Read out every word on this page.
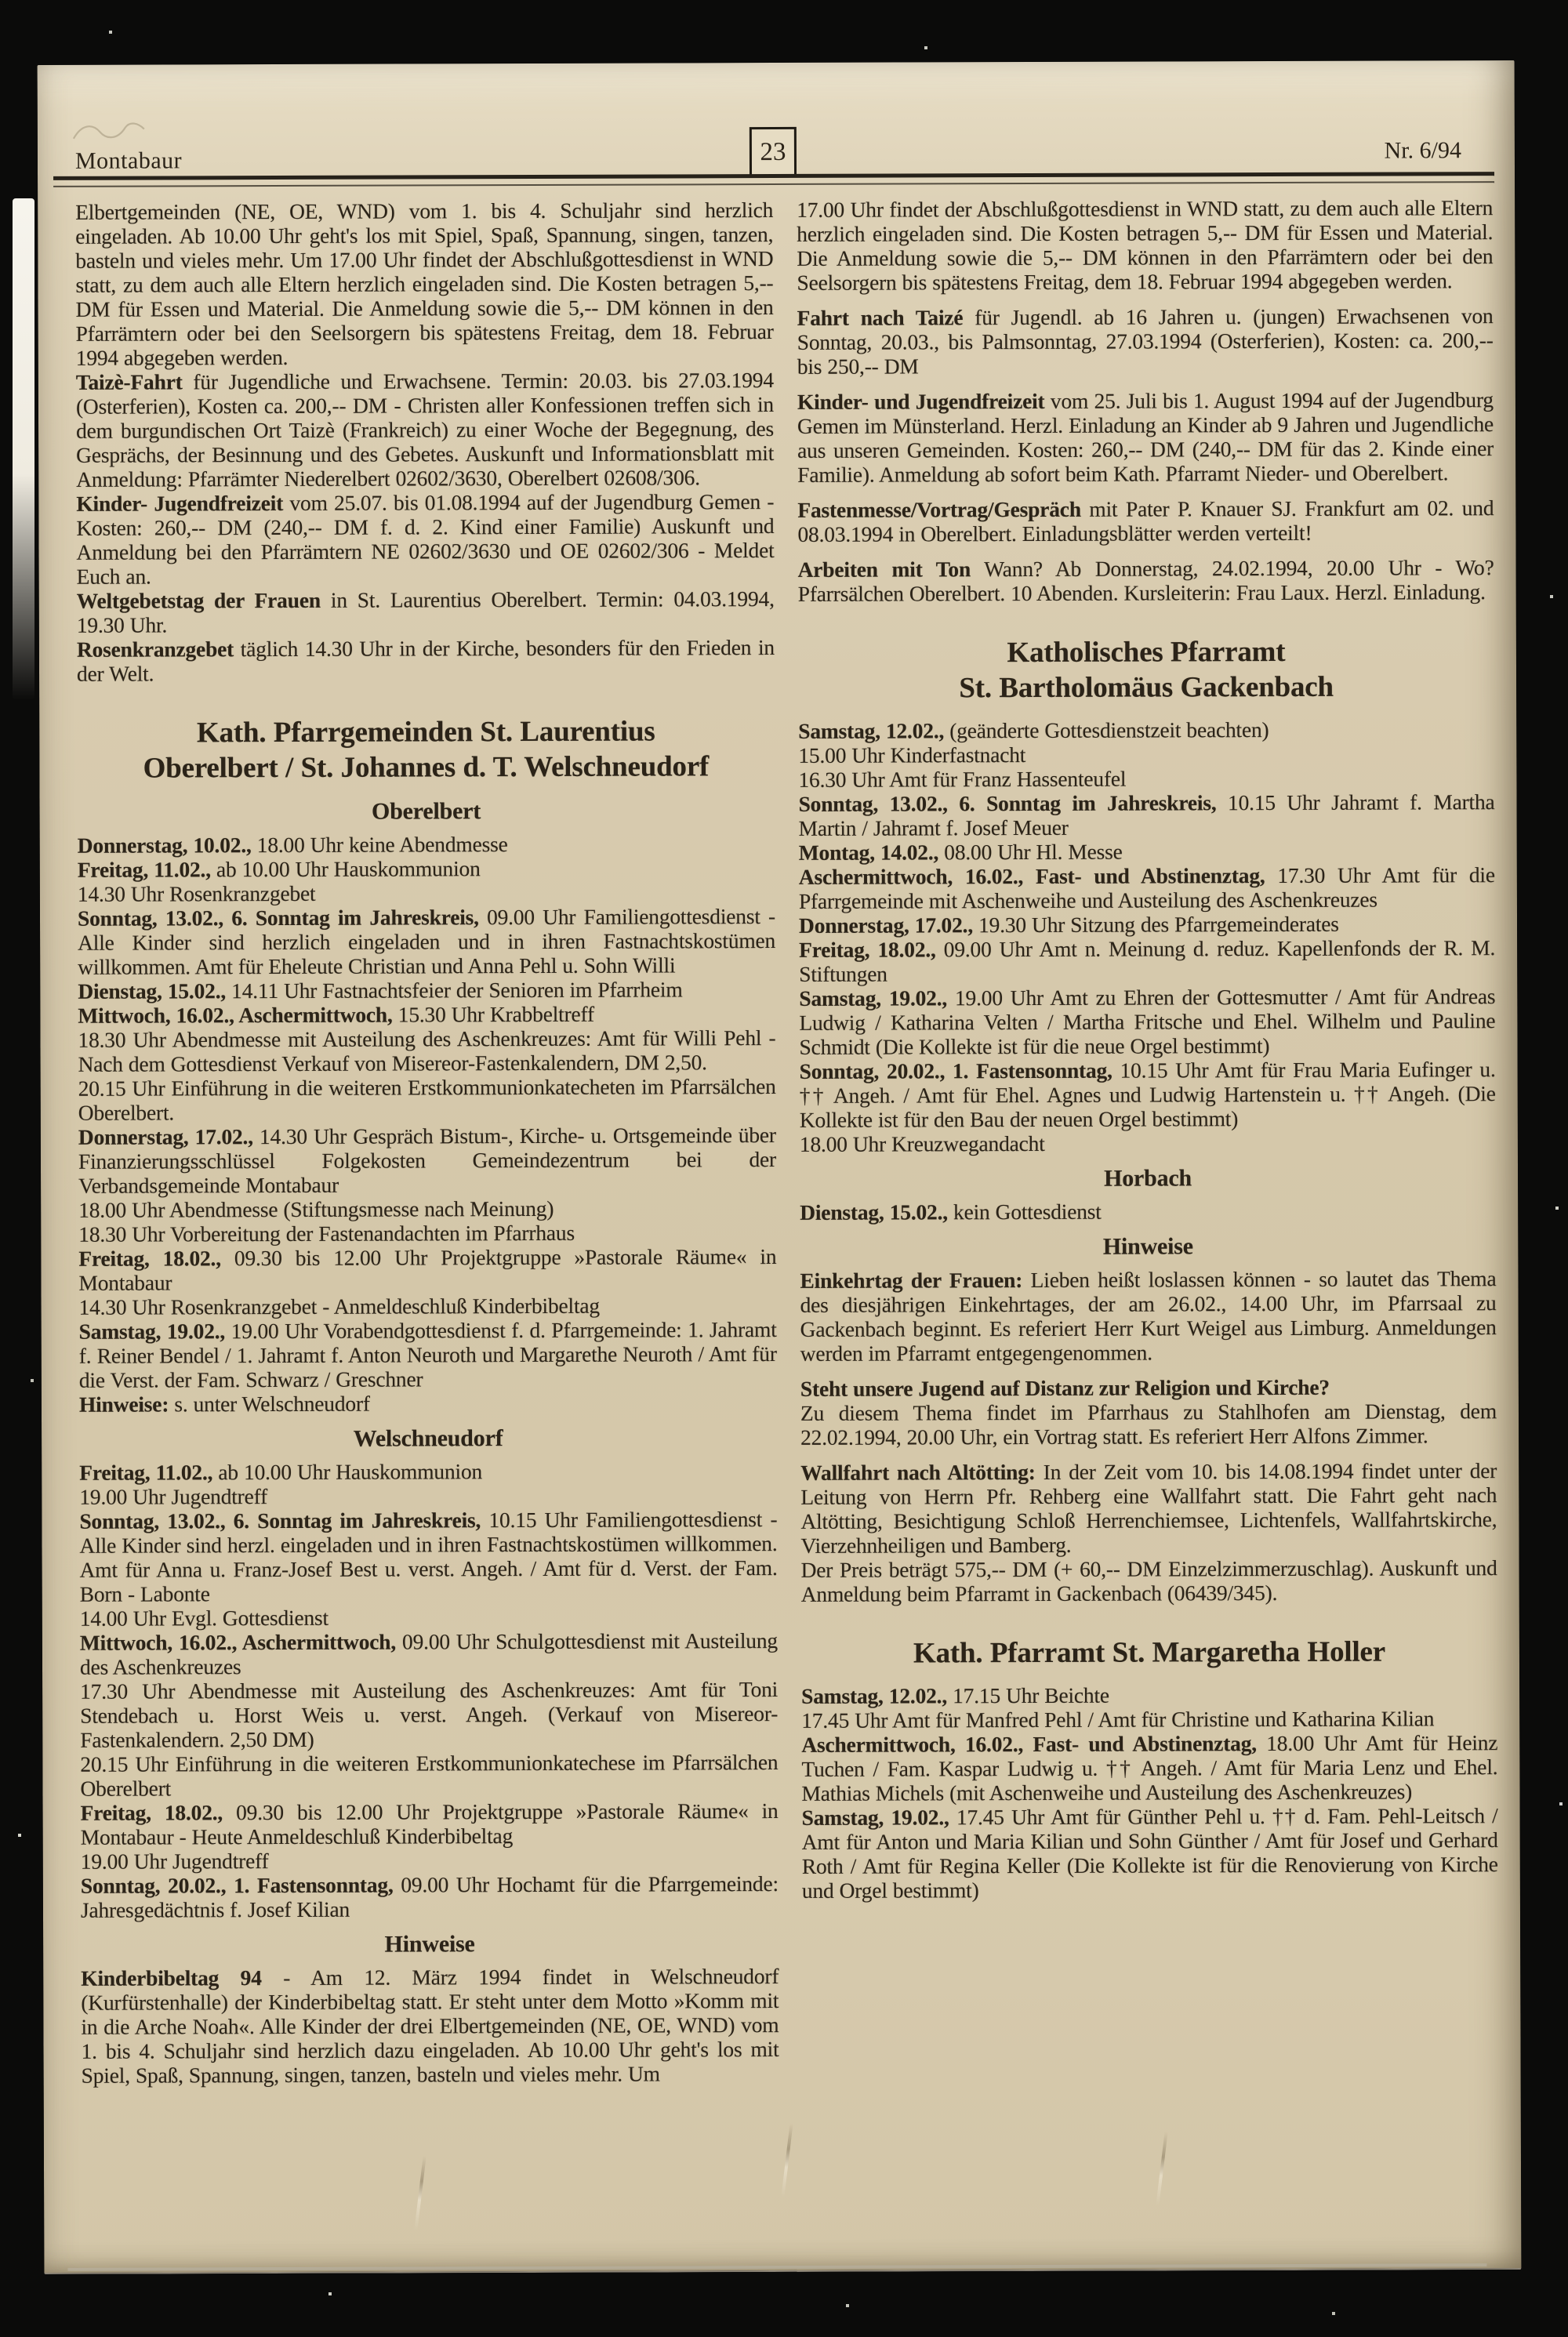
Montabaur	23	Nr. 6/94

Elbertgemeinden (NE, OE, WND) vom 1. bis 4. Schuljahr sind herzlich eingeladen. Ab 10.00 Uhr geht's los mit Spiel, Spaß, Spannung, singen, tanzen, basteln und vieles mehr. Um 17.00 Uhr findet der Abschlußgottesdienst in WND statt, zu dem auch alle Eltern herzlich eingeladen sind. Die Kosten betragen 5,-- DM für Essen und Material. Die Anmeldung sowie die 5,-- DM können in den Pfarrämtern oder bei den Seelsorgern bis spätestens Freitag, dem 18. Februar 1994 abgegeben werden.

Taizè-Fahrt für Jugendliche und Erwachsene. Termin: 20.03. bis 27.03.1994 (Osterferien), Kosten ca. 200,-- DM - Christen aller Konfessionen treffen sich in dem burgundischen Ort Taizè (Frankreich) zu einer Woche der Begegnung, des Gesprächs, der Besinnung und des Gebetes. Auskunft und Informationsblatt mit Anmeldung: Pfarrämter Niederelbert 02602/3630, Oberelbert 02608/306.

Kinder- Jugendfreizeit vom 25.07. bis 01.08.1994 auf der Jugendburg Gemen - Kosten: 260,-- DM (240,-- DM f. d. 2. Kind einer Familie) Auskunft und Anmeldung bei den Pfarrämtern NE 02602/3630 und OE 02602/306 - Meldet Euch an.

Weltgebetstag der Frauen in St. Laurentius Oberelbert. Termin: 04.03.1994, 19.30 Uhr.

Rosenkranzgebet täglich 14.30 Uhr in der Kirche, besonders für den Frieden in der Welt.

Kath. Pfarrgemeinden St. Laurentius
Oberelbert / St. Johannes d. T. Welschneudorf
Oberelbert

Donnerstag, 10.02., 18.00 Uhr keine Abendmesse

Freitag, 11.02., ab 10.00 Uhr Hauskommunion

14.30 Uhr Rosenkranzgebet

Sonntag, 13.02., 6. Sonntag im Jahreskreis, 09.00 Uhr Familiengottesdienst - Alle Kinder sind herzlich eingeladen und in ihren Fastnachtskostümen willkommen. Amt für Eheleute Christian und Anna Pehl u. Sohn Willi

Dienstag, 15.02., 14.11 Uhr Fastnachtsfeier der Senioren im Pfarrheim

Mittwoch, 16.02., Aschermittwoch, 15.30 Uhr Krabbeltreff

18.30 Uhr Abendmesse mit Austeilung des Aschenkreuzes: Amt für Willi Pehl - Nach dem Gottesdienst Verkauf von Misereor-Fastenkalendern, DM 2,50.

20.15 Uhr Einführung in die weiteren Erstkommunionkatecheten im Pfarrsälchen Oberelbert.

Donnerstag, 17.02., 14.30 Uhr Gespräch Bistum-, Kirche- u. Ortsgemeinde über Finanzierungsschlüssel Folgekosten Gemeindezentrum bei der Verbandsgemeinde Montabaur

18.00 Uhr Abendmesse (Stiftungsmesse nach Meinung)

18.30 Uhr Vorbereitung der Fastenandachten im Pfarrhaus

Freitag, 18.02., 09.30 bis 12.00 Uhr Projektgruppe »Pastorale Räume« in Montabaur

14.30 Uhr Rosenkranzgebet - Anmeldeschluß Kinderbibeltag

Samstag, 19.02., 19.00 Uhr Vorabendgottesdienst f. d. Pfarrgemeinde: 1. Jahramt f. Reiner Bendel / 1. Jahramt f. Anton Neuroth und Margarethe Neuroth / Amt für die Verst. der Fam. Schwarz / Greschner

Hinweise: s. unter Welschneudorf

Welschneudorf

Freitag, 11.02., ab 10.00 Uhr Hauskommunion

19.00 Uhr Jugendtreff

Sonntag, 13.02., 6. Sonntag im Jahreskreis, 10.15 Uhr Familiengottesdienst - Alle Kinder sind herzl. eingeladen und in ihren Fastnachtskostümen willkommen. Amt für Anna u. Franz-Josef Best u. verst. Angeh. / Amt für d. Verst. der Fam. Born - Labonte

14.00 Uhr Evgl. Gottesdienst

Mittwoch, 16.02., Aschermittwoch, 09.00 Uhr Schulgottesdienst mit Austeilung des Aschenkreuzes

17.30 Uhr Abendmesse mit Austeilung des Aschenkreuzes: Amt für Toni Stendebach u. Horst Weis u. verst. Angeh. (Verkauf von Misereor-Fastenkalendern. 2,50 DM)

20.15 Uhr Einführung in die weiteren Erstkommunionkatechese im Pfarrsälchen Oberelbert

Freitag, 18.02., 09.30 bis 12.00 Uhr Projektgruppe »Pastorale Räume« in Montabaur - Heute Anmeldeschluß Kinderbibeltag

19.00 Uhr Jugendtreff

Sonntag, 20.02., 1. Fastensonntag, 09.00 Uhr Hochamt für die Pfarrgemeinde: Jahresgedächtnis f. Josef Kilian

Hinweise

Kinderbibeltag 94 - Am 12. März 1994 findet in Welschneudorf (Kurfürstenhalle) der Kinderbibeltag statt. Er steht unter dem Motto »Komm mit in die Arche Noah«. Alle Kinder der drei Elbertgemeinden (NE, OE, WND) vom 1. bis 4. Schuljahr sind herzlich dazu eingeladen. Ab 10.00 Uhr geht's los mit Spiel, Spaß, Spannung, singen, tanzen, basteln und vieles mehr. Um

17.00 Uhr findet der Abschlußgottesdienst in WND statt, zu dem auch alle Eltern herzlich eingeladen sind. Die Kosten betragen 5,-- DM für Essen und Material. Die Anmeldung sowie die 5,-- DM können in den Pfarrämtern oder bei den Seelsorgern bis spätestens Freitag, dem 18. Februar 1994 abgegeben werden.

Fahrt nach Taizé für Jugendl. ab 16 Jahren u. (jungen) Erwachsenen von Sonntag, 20.03., bis Palmsonntag, 27.03.1994 (Osterferien), Kosten: ca. 200,-- bis 250,-- DM

Kinder- und Jugendfreizeit vom 25. Juli bis 1. August 1994 auf der Jugendburg Gemen im Münsterland. Herzl. Einladung an Kinder ab 9 Jahren und Jugendliche aus unseren Gemeinden. Kosten: 260,-- DM (240,-- DM für das 2. Kinde einer Familie). Anmeldung ab sofort beim Kath. Pfarramt Nieder- und Oberelbert.

Fastenmesse/Vortrag/Gespräch mit Pater P. Knauer SJ. Frankfurt am 02. und 08.03.1994 in Oberelbert. Einladungsblätter werden verteilt!

Arbeiten mit Ton Wann? Ab Donnerstag, 24.02.1994, 20.00 Uhr - Wo? Pfarrsälchen Oberelbert. 10 Abenden. Kursleiterin: Frau Laux. Herzl. Einladung.

Katholisches Pfarramt
St. Bartholomäus Gackenbach

Samstag, 12.02., (geänderte Gottesdienstzeit beachten)

15.00 Uhr Kinderfastnacht

16.30 Uhr Amt für Franz Hassenteufel

Sonntag, 13.02., 6. Sonntag im Jahreskreis, 10.15 Uhr Jahramt f. Martha Martin / Jahramt f. Josef Meuer

Montag, 14.02., 08.00 Uhr Hl. Messe

Aschermittwoch, 16.02., Fast- und Abstinenztag, 17.30 Uhr Amt für die Pfarrgemeinde mit Aschenweihe und Austeilung des Aschenkreuzes

Donnerstag, 17.02., 19.30 Uhr Sitzung des Pfarrgemeinderates

Freitag, 18.02., 09.00 Uhr Amt n. Meinung d. reduz. Kapellenfonds der R. M. Stiftungen

Samstag, 19.02., 19.00 Uhr Amt zu Ehren der Gottesmutter / Amt für Andreas Ludwig / Katharina Velten / Martha Fritsche und Ehel. Wilhelm und Pauline Schmidt (Die Kollekte ist für die neue Orgel bestimmt)

Sonntag, 20.02., 1. Fastensonntag, 10.15 Uhr Amt für Frau Maria Eufinger u. †† Angeh. / Amt für Ehel. Agnes und Ludwig Hartenstein u. †† Angeh. (Die Kollekte ist für den Bau der neuen Orgel bestimmt)

18.00 Uhr Kreuzwegandacht

Horbach

Dienstag, 15.02., kein Gottesdienst

Hinweise

Einkehrtag der Frauen: Lieben heißt loslassen können - so lautet das Thema des diesjährigen Einkehrtages, der am 26.02., 14.00 Uhr, im Pfarrsaal zu Gackenbach beginnt. Es referiert Herr Kurt Weigel aus Limburg. Anmeldungen werden im Pfarramt entgegengenommen.

Steht unsere Jugend auf Distanz zur Religion und Kirche?

Zu diesem Thema findet im Pfarrhaus zu Stahlhofen am Dienstag, dem 22.02.1994, 20.00 Uhr, ein Vortrag statt. Es referiert Herr Alfons Zimmer.

Wallfahrt nach Altötting: In der Zeit vom 10. bis 14.08.1994 findet unter der Leitung von Herrn Pfr. Rehberg eine Wallfahrt statt. Die Fahrt geht nach Altötting, Besichtigung Schloß Herrenchiemsee, Lichtenfels, Wallfahrtskirche, Vierzehnheiligen und Bamberg.

Der Preis beträgt 575,-- DM (+ 60,-- DM Einzelzimmerzuschlag). Auskunft und Anmeldung beim Pfarramt in Gackenbach (06439/345).

Kath. Pfarramt St. Margaretha Holler

Samstag, 12.02., 17.15 Uhr Beichte

17.45 Uhr Amt für Manfred Pehl / Amt für Christine und Katharina Kilian

Aschermittwoch, 16.02., Fast- und Abstinenztag, 18.00 Uhr Amt für Heinz Tuchen / Fam. Kaspar Ludwig u. †† Angeh. / Amt für Maria Lenz und Ehel. Mathias Michels (mit Aschenweihe und Austeilung des Aschenkreuzes)

Samstag, 19.02., 17.45 Uhr Amt für Günther Pehl u. †† d. Fam. Pehl-Leitsch / Amt für Anton und Maria Kilian und Sohn Günther / Amt für Josef und Gerhard Roth / Amt für Regina Keller (Die Kollekte ist für die Renovierung von Kirche und Orgel bestimmt)
